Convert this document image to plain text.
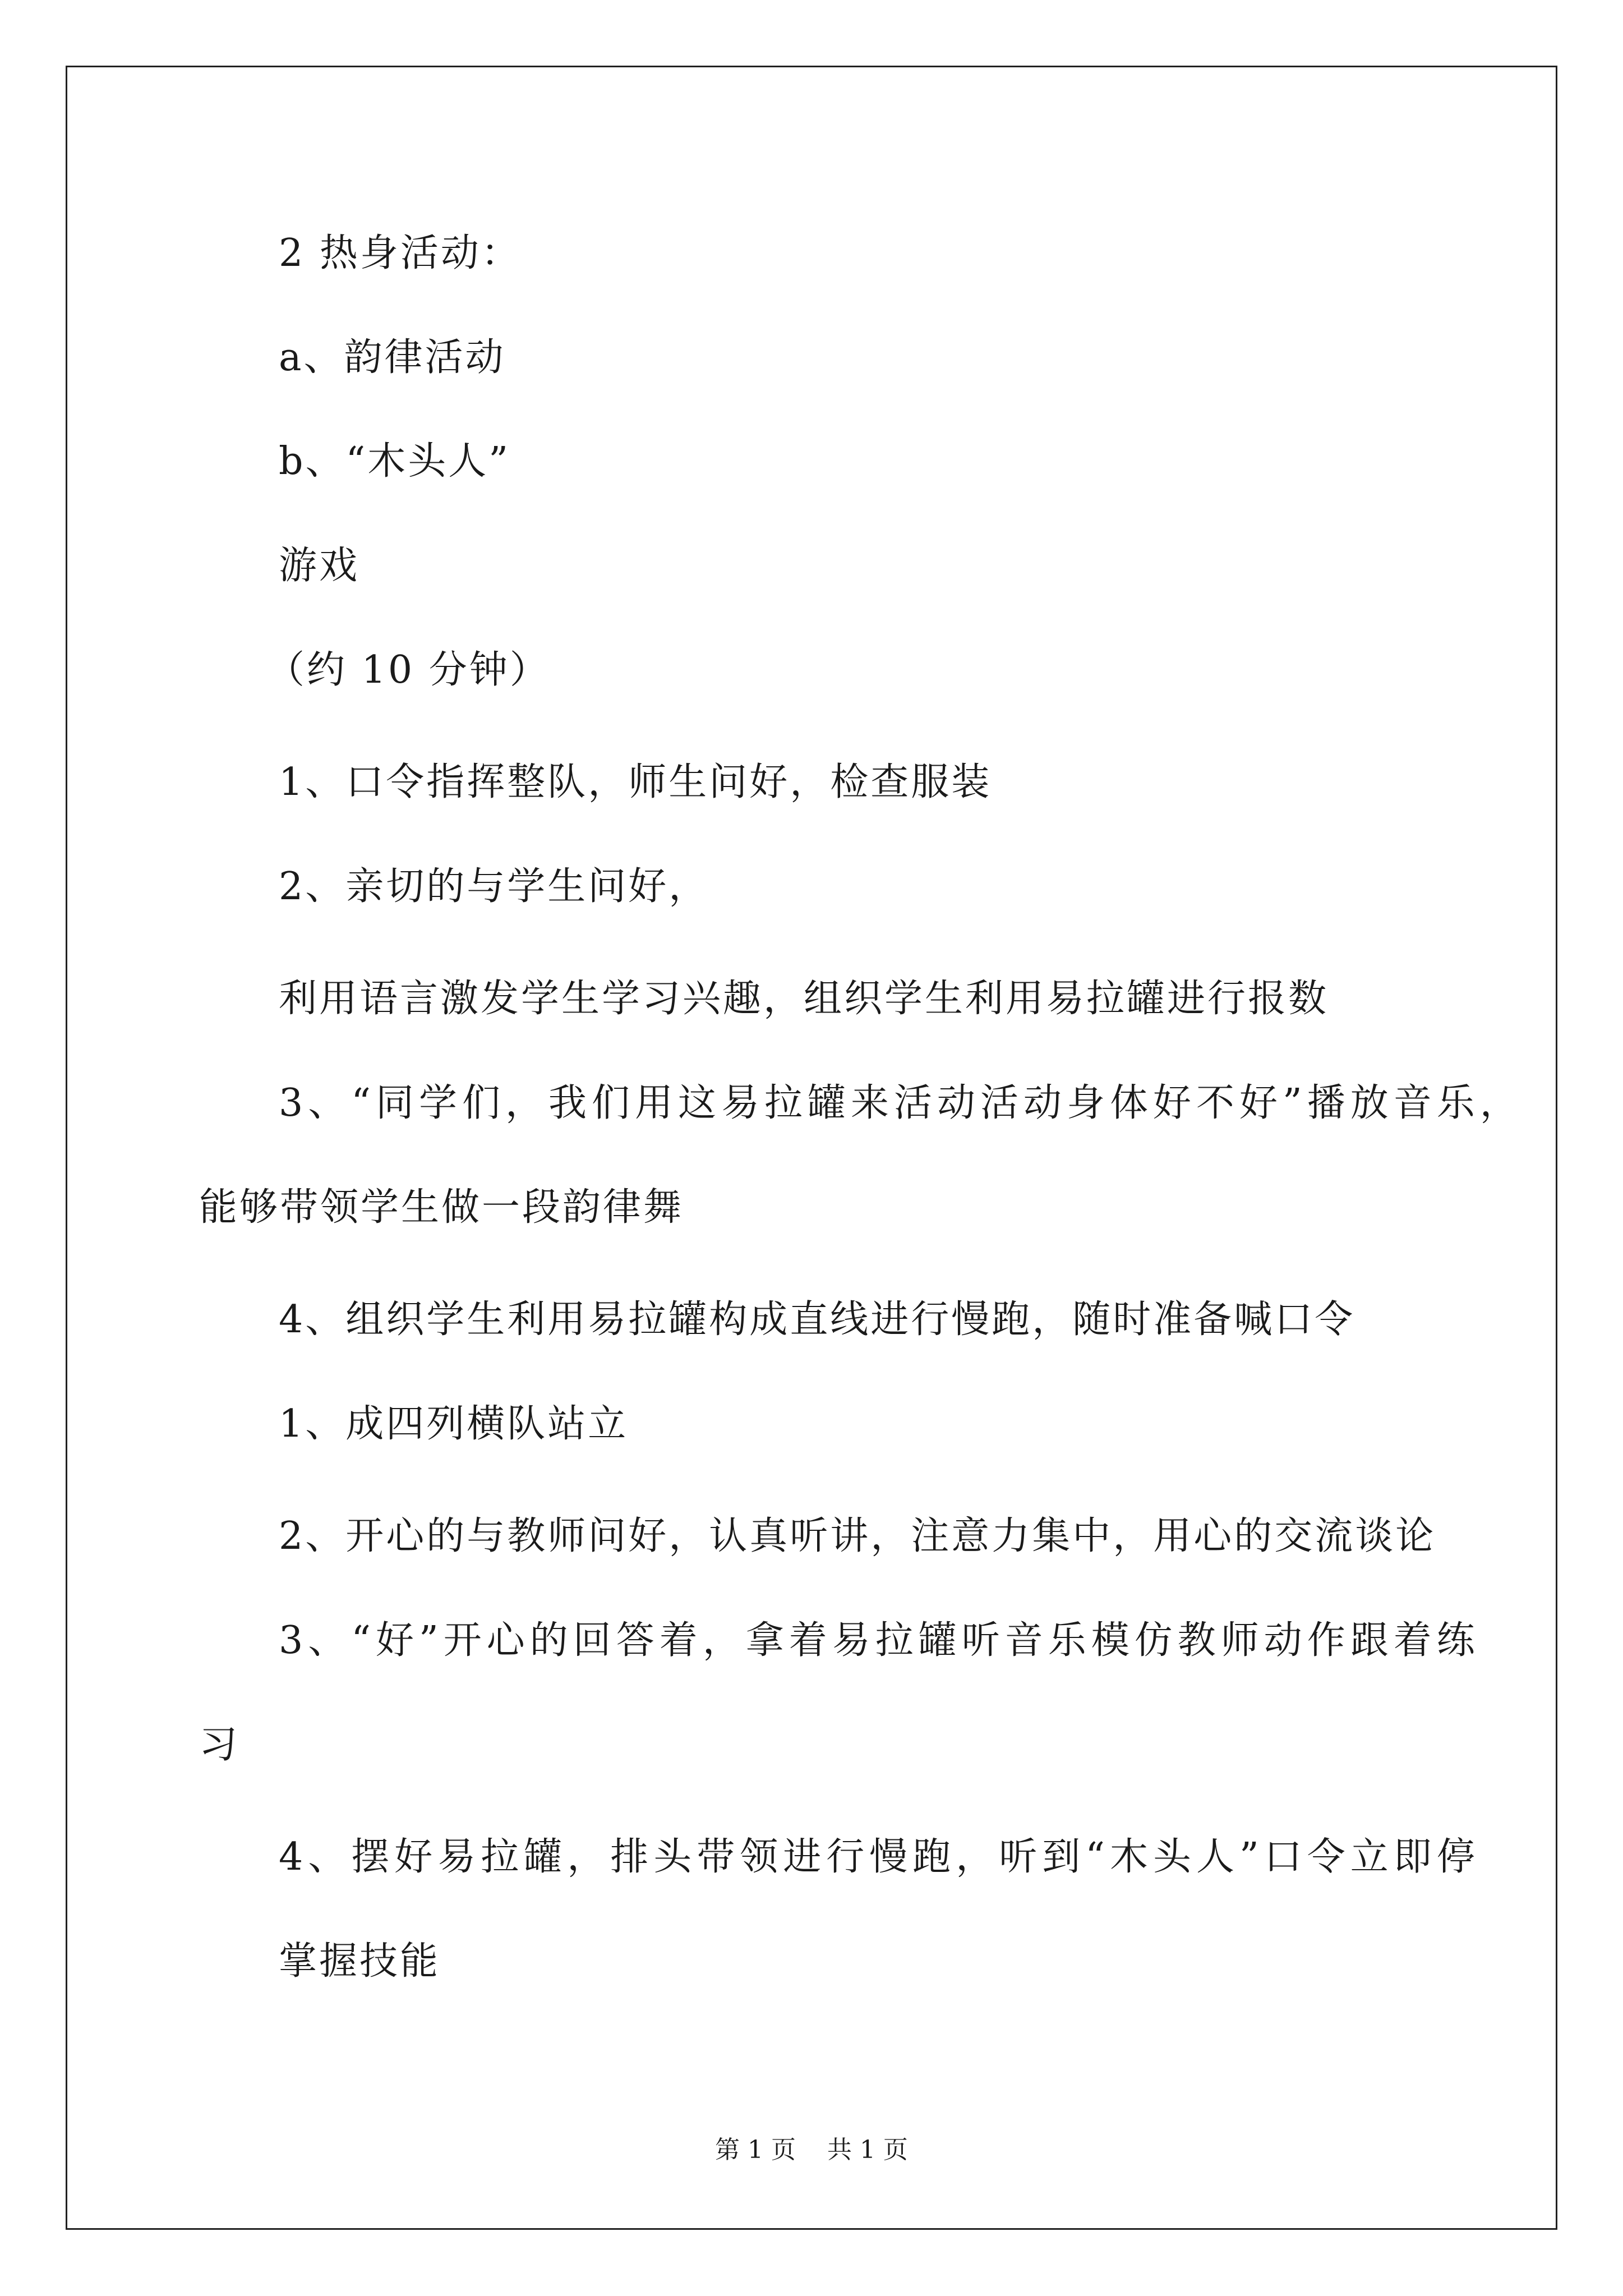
2 热身活动：
a、韵律活动
b、“木头人”
游戏
（约 10 分钟）
1、口令指挥整队，师生问好，检查服装
2、亲切的与学生问好，
利用语言激发学生学习兴趣，组织学生利用易拉罐进行报数
3、“同学们，我们用这易拉罐来活动活动身体好不好”播放音乐，
能够带领学生做一段韵律舞
4、组织学生利用易拉罐构成直线进行慢跑，随时准备喊口令
1、成四列横队站立
2、开心的与教师问好，认真听讲，注意力集中，用心的交流谈论
3、“好”开心的回答着，拿着易拉罐听音乐模仿教师动作跟着练
习
4、摆好易拉罐，排头带领进行慢跑，听到“木头人”口令立即停
掌握技能
第 1 页    共 1 页
